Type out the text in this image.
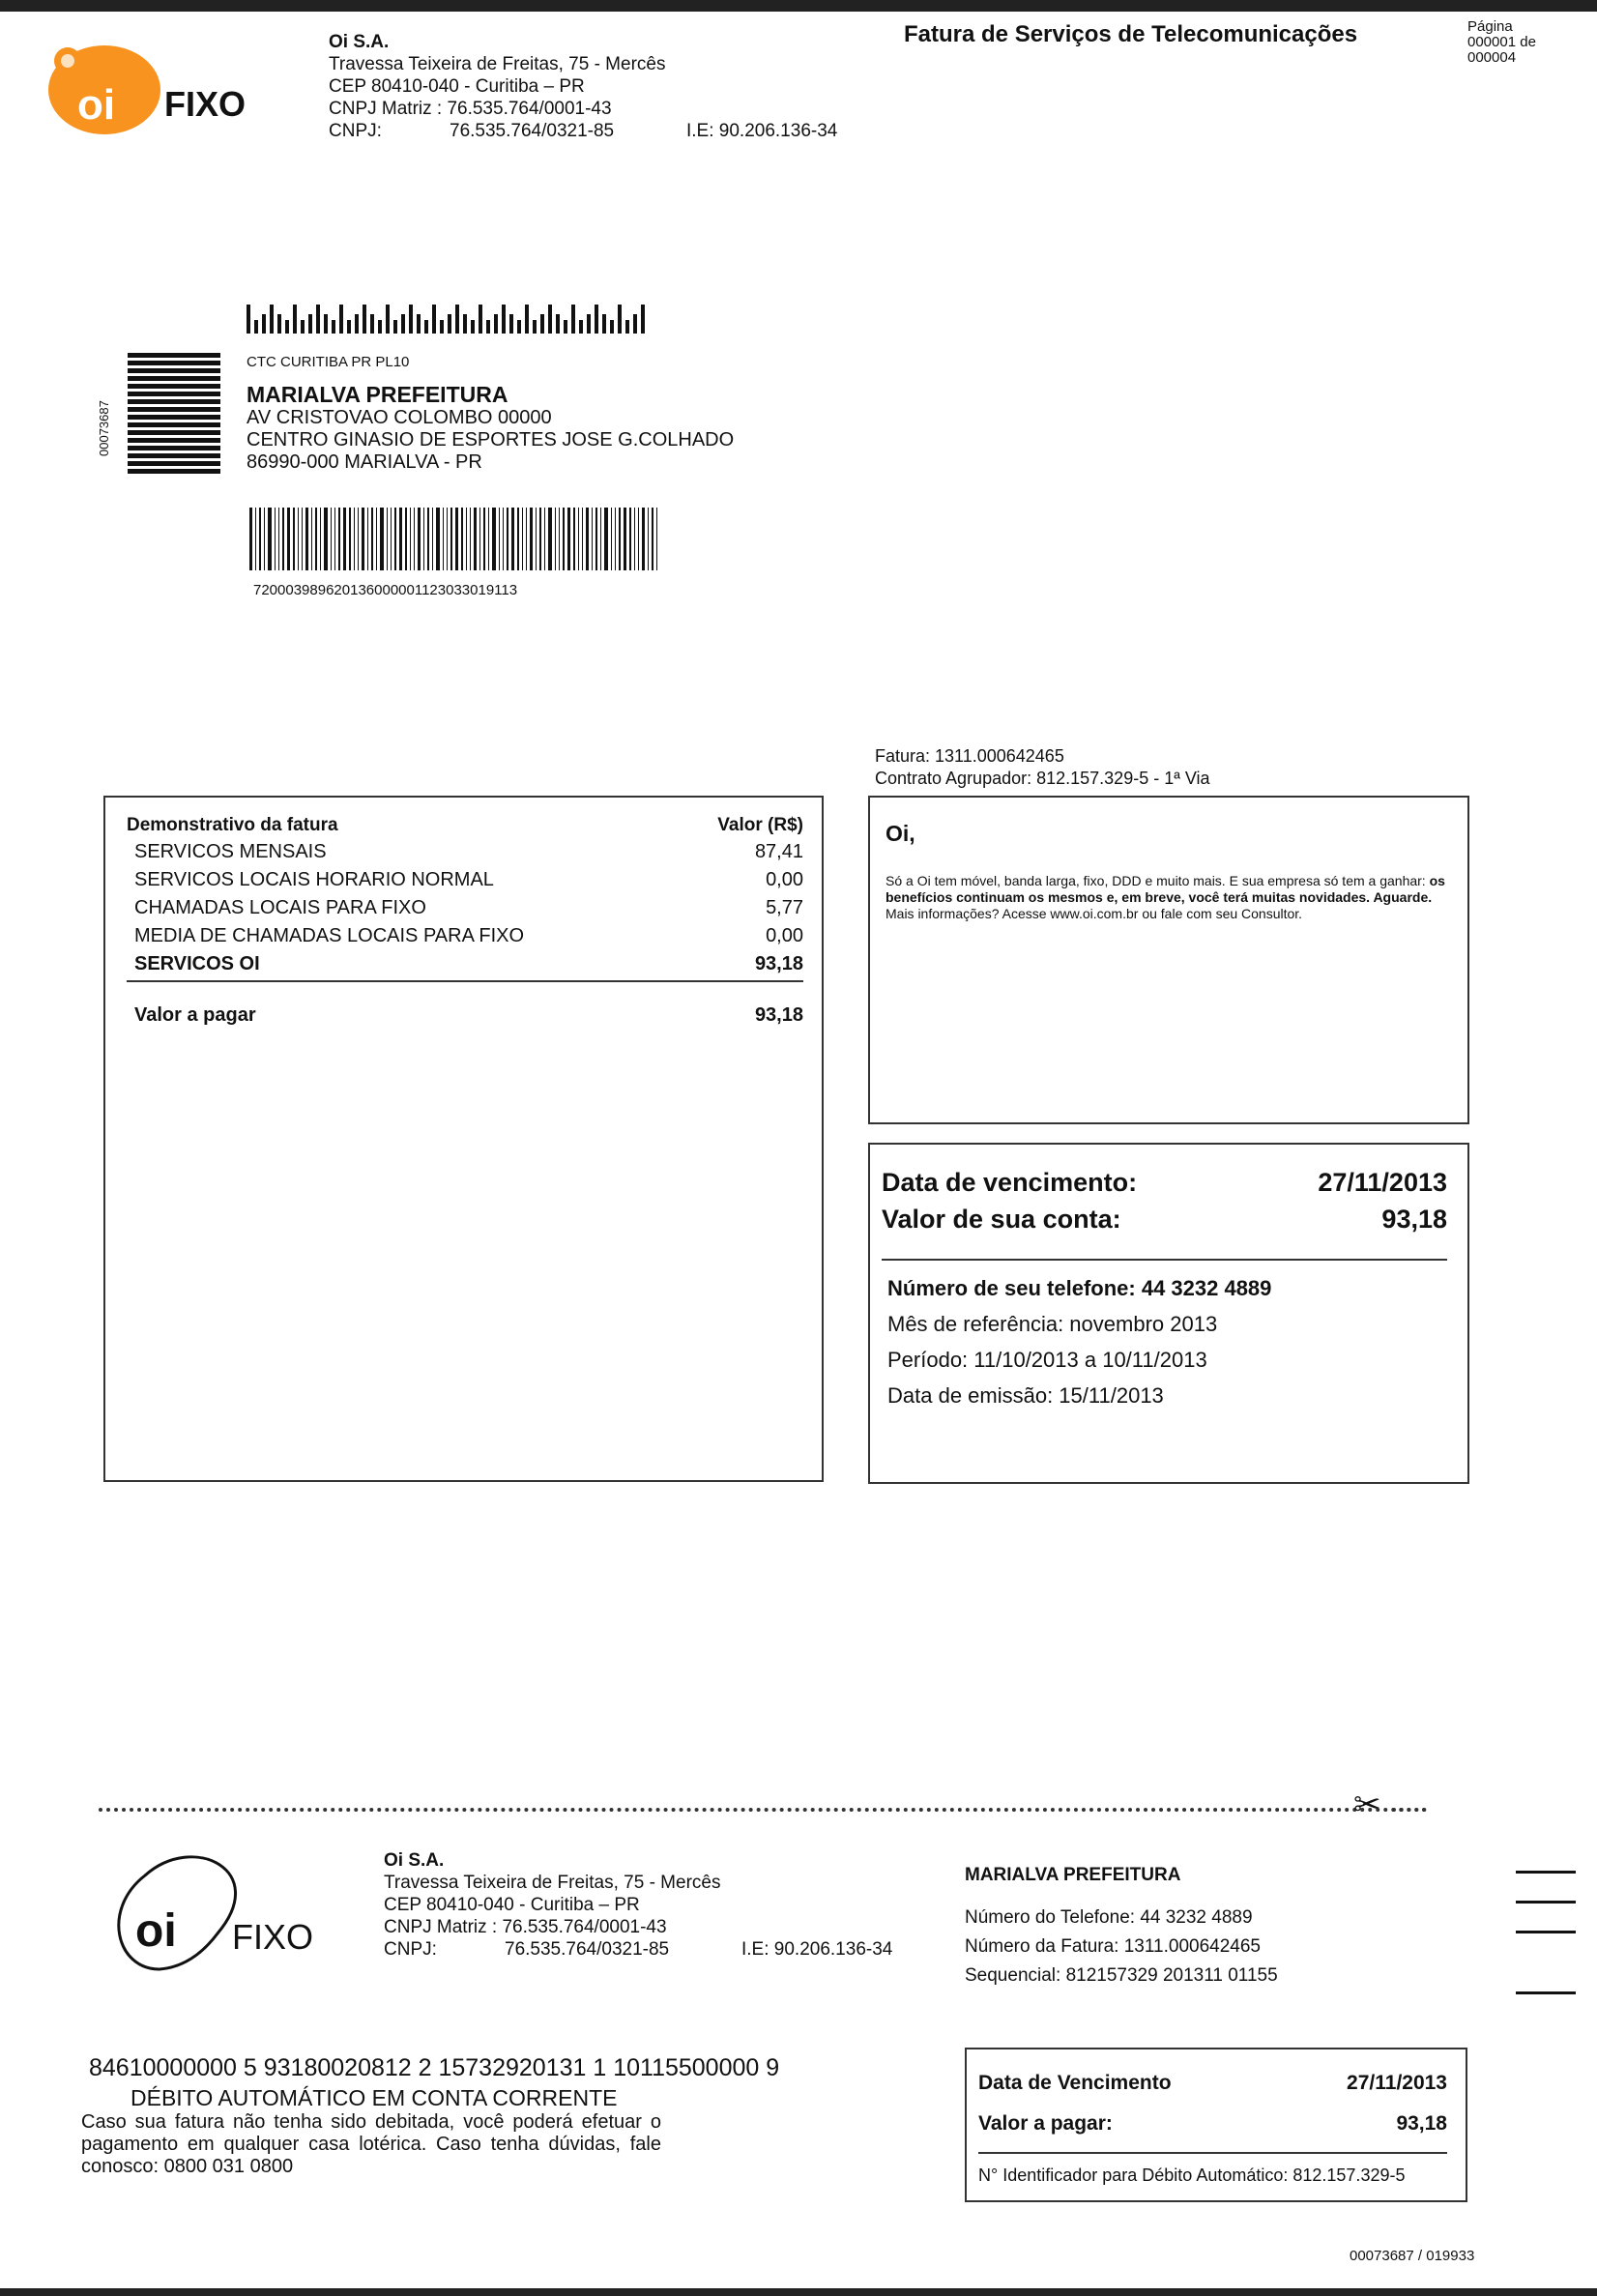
oi FIXO
Oi S.A.
Travessa Teixeira de Freitas, 75 - Mercês
CEP 80410-040 - Curitiba – PR
CNPJ Matriz : 76.535.764/0001-43
CNPJ:	76.535.764/0321-85	I.E: 90.206.136-34
Fatura de Serviços de Telecomunicações	Página
000001 de
000004
00073687
CTC CURITIBA PR PL10
MARIALVA PREFEITURA
AV CRISTOVAO COLOMBO 00000
CENTRO GINASIO DE ESPORTES JOSE G.COLHADO
86990-000 MARIALVA - PR
720003989620136000001123033019113
Fatura: 1311.000642465
Contrato Agrupador: 812.157.329-5 - 1ª Via
Demonstrativo da fatura	Valor (R$)
SERVICOS MENSAIS	87,41
SERVICOS LOCAIS HORARIO NORMAL	0,00
CHAMADAS LOCAIS PARA FIXO	5,77
MEDIA DE CHAMADAS LOCAIS PARA FIXO	0,00
SERVICOS OI	93,18
Valor a pagar	93,18
Oi,
Só a Oi tem móvel, banda larga, fixo, DDD e muito mais. E sua empresa só tem a ganhar: os benefícios continuam os mesmos e, em breve, você terá muitas novidades. Aguarde.
Mais informações? Acesse www.oi.com.br ou fale com seu Consultor.
Data de vencimento:	27/11/2013
Valor de sua conta:	93,18
Número de seu telefone: 44 3232 4889
Mês de referência: novembro 2013
Período: 11/10/2013 a 10/11/2013
Data de emissão: 15/11/2013
✂
oi FIXO
Oi S.A.
Travessa Teixeira de Freitas, 75 - Mercês
CEP 80410-040 - Curitiba – PR
CNPJ Matriz : 76.535.764/0001-43
CNPJ:	76.535.764/0321-85	I.E: 90.206.136-34
MARIALVA PREFEITURA
Número do Telefone: 44 3232 4889
Número da Fatura: 1311.000642465
Sequencial: 812157329 201311 01155
84610000000 5 93180020812 2 15732920131 1 10115500000 9
DÉBITO AUTOMÁTICO EM CONTA CORRENTE
Caso sua fatura não tenha sido debitada, você poderá efetuar o pagamento em qualquer casa lotérica. Caso tenha dúvidas, fale conosco: 0800 031 0800
Data de Vencimento	27/11/2013
Valor a pagar:	93,18
N° Identificador para Débito Automático: 812.157.329-5
00073687 / 019933
